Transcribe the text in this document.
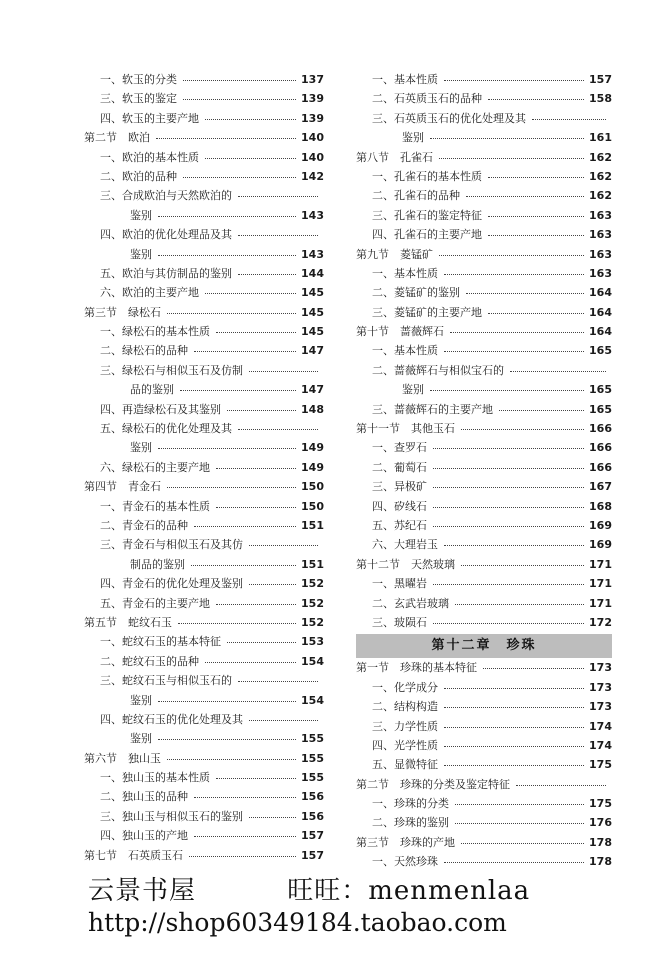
一、软玉的分类	137
三、软玉的鉴定	139
四、软玉的主要产地	139
第二节　欧泊	140
一、欧泊的基本性质	140
二、欧泊的品种	142
三、合成欧泊与天然欧泊的
鉴别	143
四、欧泊的优化处理品及其
鉴别	143
五、欧泊与其仿制品的鉴别	144
六、欧泊的主要产地	145
第三节　绿松石	145
一、绿松石的基本性质	145
二、绿松石的品种	147
三、绿松石与相似玉石及仿制
品的鉴别	147
四、再造绿松石及其鉴别	148
五、绿松石的优化处理及其
鉴别	149
六、绿松石的主要产地	149
第四节　青金石	150
一、青金石的基本性质	150
二、青金石的品种	151
三、青金石与相似玉石及其仿
制品的鉴别	151
四、青金石的优化处理及鉴别	152
五、青金石的主要产地	152
第五节　蛇纹石玉	152
一、蛇纹石玉的基本特征	153
二、蛇纹石玉的品种	154
三、蛇纹石玉与相似玉石的
鉴别	154
四、蛇纹石玉的优化处理及其
鉴别	155
第六节　独山玉	155
一、独山玉的基本性质	155
二、独山玉的品种	156
三、独山玉与相似玉石的鉴别	156
四、独山玉的产地	157
第七节　石英质玉石	157
一、基本性质	157
二、石英质玉石的品种	158
三、石英质玉石的优化处理及其
鉴别	161
第八节　孔雀石	162
一、孔雀石的基本性质	162
二、孔雀石的品种	162
三、孔雀石的鉴定特征	163
四、孔雀石的主要产地	163
第九节　菱锰矿	163
一、基本性质	163
二、菱锰矿的鉴别	164
三、菱锰矿的主要产地	164
第十节　蔷薇辉石	164
一、基本性质	165
二、蔷薇辉石与相似宝石的
鉴别	165
三、蔷薇辉石的主要产地	165
第十一节　其他玉石	166
一、查罗石	166
二、葡萄石	166
三、异极矿	167
四、矽线石	168
五、苏纪石	169
六、大理岩玉	169
第十二节　天然玻璃	171
一、黑曜岩	171
二、玄武岩玻璃	171
三、玻陨石	172
第十二章　珍珠
第一节　珍珠的基本特征	173
一、化学成分	173
二、结构构造	173
三、力学性质	174
四、光学性质	174
五、显微特征	175
第二节　珍珠的分类及鉴定特征
一、珍珠的分类	175
二、珍珠的鉴别	176
第三节　珍珠的产地	178
一、天然珍珠	178
云景书屋	旺旺：menmenlaa
http://shop60349184.taobao.com
